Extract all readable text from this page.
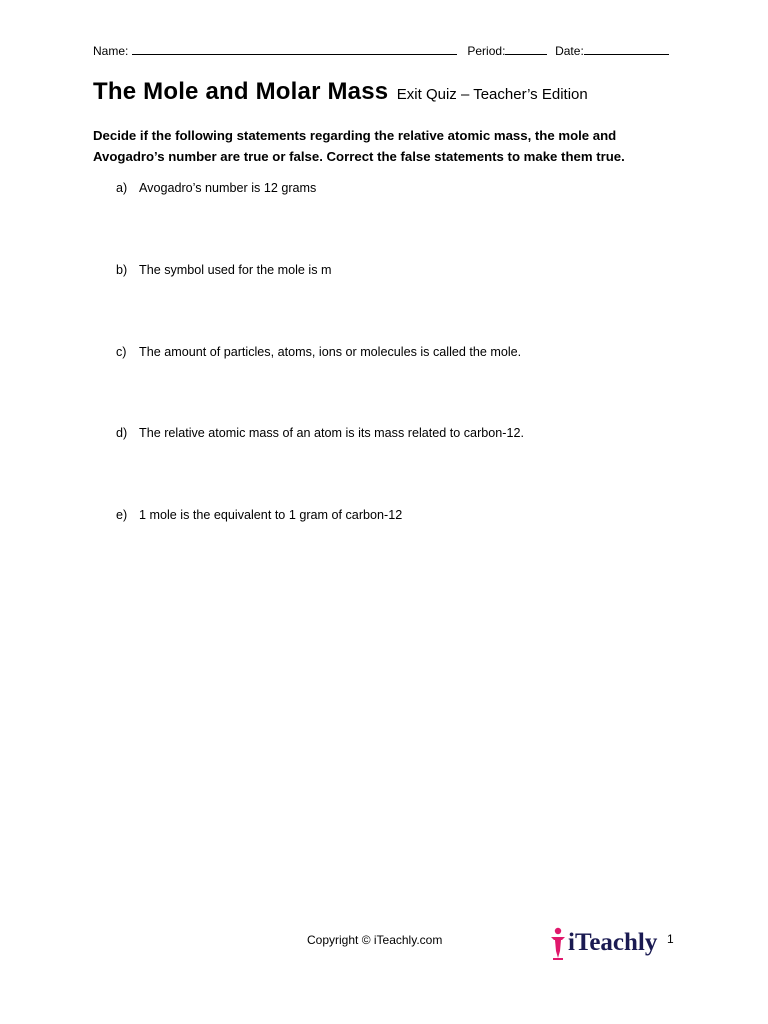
Name:	Period:	Date:
The Mole and Molar Mass Exit Quiz – Teacher’s Edition
Decide if the following statements regarding the relative atomic mass, the mole and Avogadro’s number are true or false. Correct the false statements to make them true.
a) Avogadro’s number is 12 grams
b) The symbol used for the mole is m
c) The amount of particles, atoms, ions or molecules is called the mole.
d) The relative atomic mass of an atom is its mass related to carbon-12.
e) 1 mole is the equivalent to 1 gram of carbon-12
Copyright © iTeachly.com	iTeachly 1
